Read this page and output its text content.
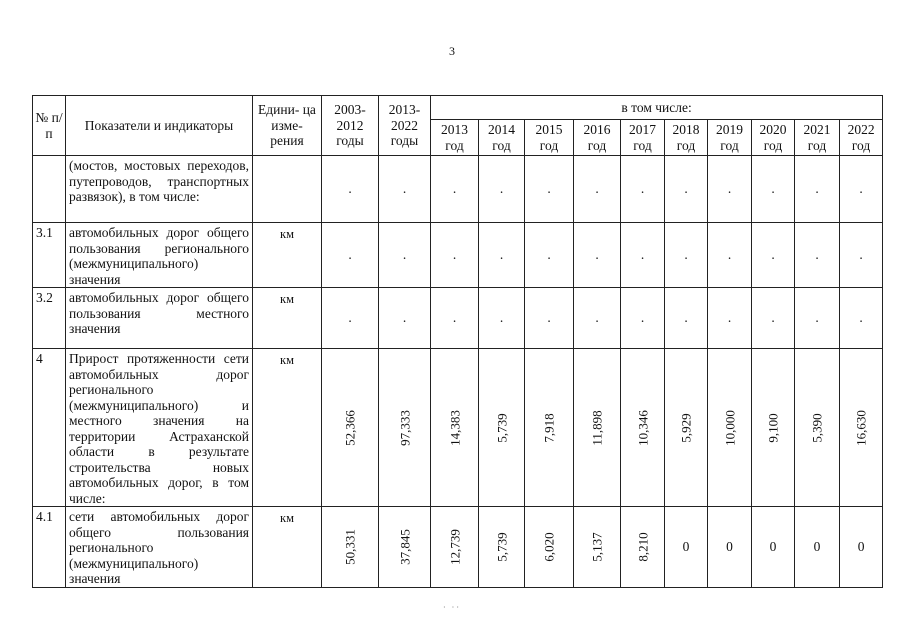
3
№ п/п	Показатели и индикаторы	Едини- ца изме- рения	2003- 2012 годы	2013- 2022 годы	в том числе:									
					2013 год	2014 год	2015 год	2016 год	2017 год	2018 год	2019 год	2020 год	2021 год	2022 год
	(мостов, мостовых переходов, путепроводов, транспортных развязок), в том числе:		.	.	.	.	.	.	.	.	.	.	.	.
3.1	автомобильных дорог общего пользования регионального (межмуниципального) значения	км	.	.	.	.	.	.	.	.	.	.	.	.
3.2	автомобильных дорог общего пользования местного значения	км	.	.	.	.	.	.	.	.	.	.	.	.
4	Прирост протяженности сети автомобильных дорог регионального (межмуниципального) и местного значения на территории Астраханской области в результате строительства новых автомобильных дорог, в том числе:	км	52,366	97,333	14,383	5,739	7,918	11,898	10,346	5,929	10,000	9,100	5,390	16,630

4.1	сети автомобильных дорог общего пользования регионального (межмуниципального) значения	км	50,331	37,845	12,739	5,739	6,020	5,137	8,210	0	0	0	0	0
· ··
